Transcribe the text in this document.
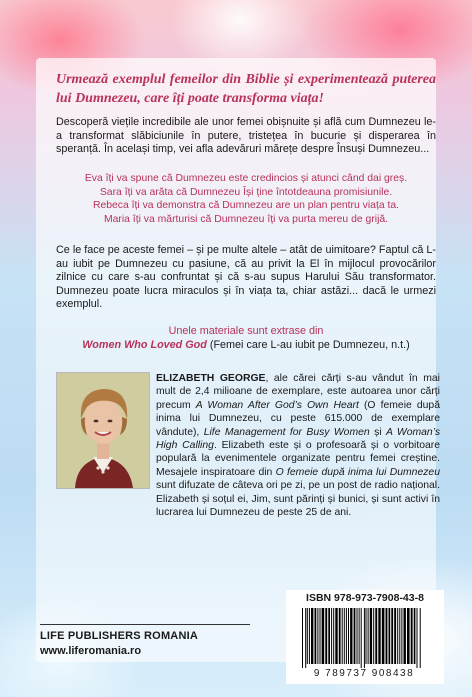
Urmează exemplul femeilor din Biblie și experimentează puterea lui Dumnezeu, care îți poate transforma viața!
Descoperă viețile incredibile ale unor femei obișnuite și află cum Dumnezeu le-a transformat slăbiciunile în putere, tristețea în bucurie și disperarea în speranță. În același timp, vei afla adevăruri mărețe despre Însuși Dumnezeu...
Eva îți va spune că Dumnezeu este credincios și atunci când dai greș.
Sara îți va arăta că Dumnezeu Își ține întotdeauna promisiunile.
Rebeca îți va demonstra că Dumnezeu are un plan pentru viața ta.
Maria îți va mărturisi că Dumnezeu îți va purta mereu de grijă.
Ce le face pe aceste femei – și pe multe altele – atât de uimitoare? Faptul că L-au iubit pe Dumnezeu cu pasiune, că au privit la El în mijlocul provocărilor zilnice cu care s-au confruntat și că s-au supus Harului Său transformator. Dumnezeu poate lucra miraculos și în viața ta, chiar astăzi... dacă le urmezi exemplul.
Unele materiale sunt extrase din
Women Who Loved God (Femei care L-au iubit pe Dumnezeu, n.t.)
ELIZABETH GEORGE, ale cărei cărți s-au vândut în mai mult de 2,4 milioane de exemplare, este autoarea unor cărți precum A Woman After God’s Own Heart (O femeie după inima lui Dumnezeu, cu peste 615.000 de exemplare vândute), Life Management for Busy Women și A Woman’s High Calling. Elizabeth este și o profesoară și o vorbitoare populară la evenimentele organizate pentru femei creștine. Mesajele inspiratoare din O femeie după inima lui Dumnezeu sunt difuzate de câteva ori pe zi, pe un post de radio național. Elizabeth și soțul ei, Jim, sunt părinți și bunici, și sunt activi în lucrarea lui Dumnezeu de peste 25 de ani.
LIFE PUBLISHERS ROMANIA
www.liferomania.ro
ISBN 978-973-7908-43-8
9 789737 908438
